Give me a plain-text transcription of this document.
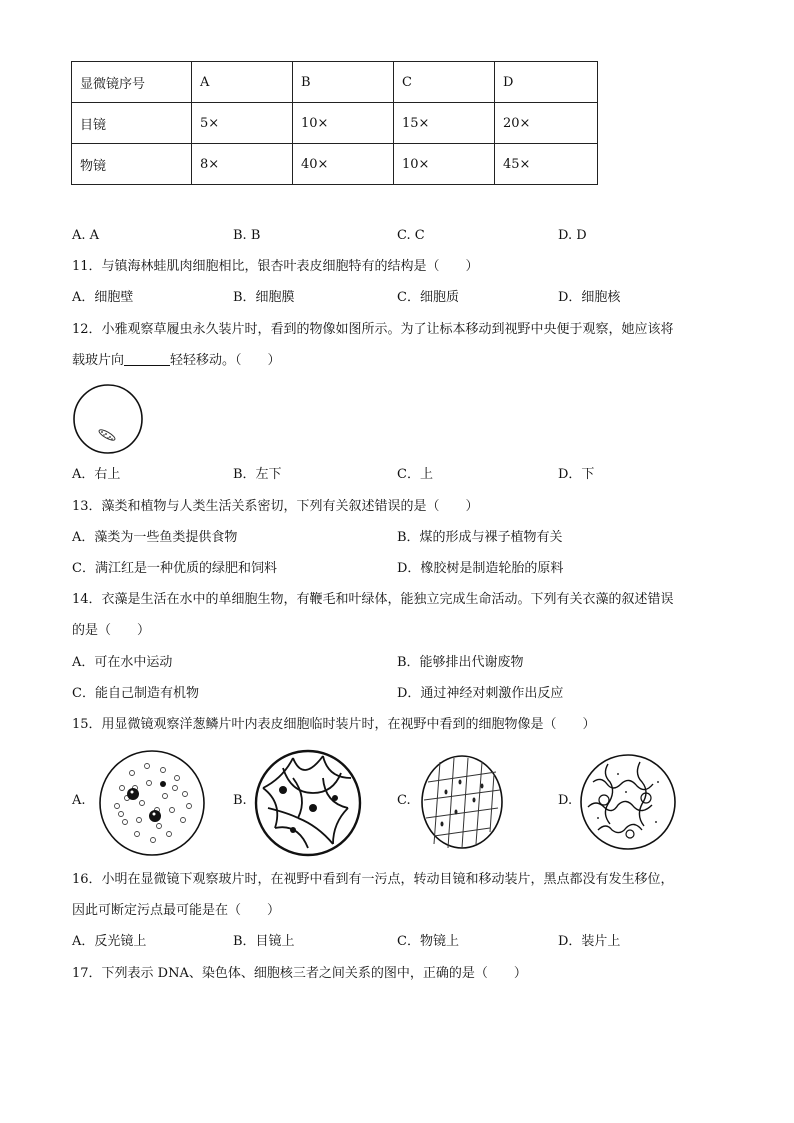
显微镜序号	A	B	C	D
目镜	5×	10×	15×	20×
物镜	8×	40×	10×	45×
A. A	B. B	C. C	D. D
11．与镇海林蛙肌肉细胞相比，银杏叶表皮细胞特有的结构是（　　）
A．细胞壁	B．细胞膜	C．细胞质	D．细胞核
12．小雅观察草履虫永久装片时，看到的物像如图所示。为了让标本移动到视野中央便于观察，她应该将
载玻片向	轻轻移动。（　　）
A．右上	B．左下	C．上	D．下
13．藻类和植物与人类生活关系密切，下列有关叙述错误的是（　　）
A．藻类为一些鱼类提供食物	B．煤的形成与裸子植物有关
C．满江红是一种优质的绿肥和饲料	D．橡胶树是制造轮胎的原料
14．衣藻是生活在水中的单细胞生物，有鞭毛和叶绿体，能独立完成生命活动。下列有关衣藻的叙述错误
的是（　　）
A．可在水中运动	B．能够排出代谢废物
C．能自己制造有机物	D．通过神经对刺激作出反应
15．用显微镜观察洋葱鳞片叶内表皮细胞临时装片时，在视野中看到的细胞物像是（　　）
A.	B.	C.	D.
16．小明在显微镜下观察玻片时，在视野中看到有一污点，转动目镜和移动装片，黑点都没有发生移位，
因此可断定污点最可能是在（　　）
A．反光镜上	B．目镜上	C．物镜上	D．装片上
17．下列表示 DNA、染色体、细胞核三者之间关系的图中，正确的是（　　）
